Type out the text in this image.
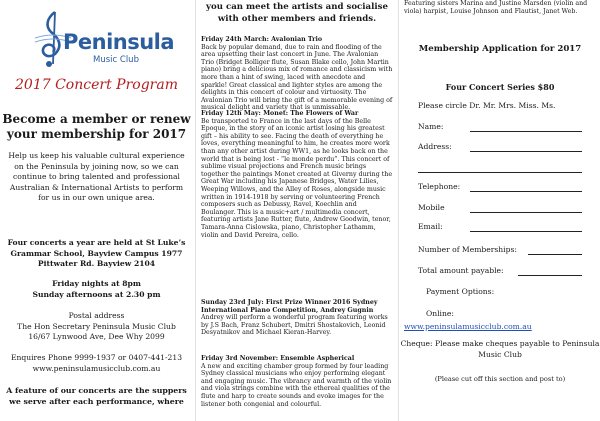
Peninsula
Music Club
2017 Concert Program
Become a member or renew your membership for 2017
Help us keep his valuable cultural experience on the Peninsula by joining now, so we can continue to bring talented and professional Australian & International Artists to perform for us in our own unique area.
Four concerts a year are held at St Luke’s Grammar School, Bayview Campus 1977 Pittwater Rd. Bayview 2104
Friday nights at 8pm
Sunday afternoons at 2.30 pm
Postal address
The Hon Secretary Peninsula Music Club
16/67 Lynwood Ave, Dee Why 2099
Enquires Phone 9999-1937 or 0407-441-213
www.peninsulamusicclub.com.au
A feature of our concerts are the suppers we serve after each performance, where
you can meet the artists and socialise with other members and friends.
Friday 24th March: Avalonian Trio
Back by popular demand, due to rain and flooding of the area upsetting their last concert in June. The Avalonian Trio (Bridget Bolliger flute, Susan Blake cello, John Martin piano) bring a delicious mix of romance and classicism with more than a hint of swing, laced with anecdote and sparkle! Great classical and lighter styles are among the delights in this concert of colour and virtuosity. The Avalonian Trio will bring the gift of a memorable evening of musical delight and variety that is unmissable.
Friday 12th May: Monet: The Flowers of War
Be transported to France in the last days of the Belle Epoque, in the story of an iconic artist losing his greatest gift – his ability to see. Facing the death of everything he loves, everything meaningful to him, he creates more work than any other artist during WW1, as he looks back on the world that is being lost - “le monde perdu”. This concert of sublime visual projections and French music brings together the paintings Monet created at Giverny during the Great War including his Japanese Bridges, Water Lilies, Weeping Willows, and the Alley of Roses, alongside music written in 1914-1918 by serving or volunteering French composers such as Debussy, Ravel, Koechlin and Boulanger. This is a music+art / multimedia concert, featuring artists Jane Rutter, flute, Andrew Goodwin, tenor, Tamara-Anna Cislowska, piano, Christopher Lathamm, violin and David Pereira, cello.
Sunday 23rd July: First Prize Winner 2016 Sydney International Piano Competition, Andrey Gugnin
Andrey will perform a wonderful program featuring works by J.S Bach, Franz Schubert, Dmitri Shostakovich, Leonid Desyatnikov and Michael Kieran-Harvey.
Friday 3rd November: Ensemble Aspherical
A new and exciting chamber group formed by four leading Sydney classical musicians who enjoy performing elegant and engaging music. The vibrancy and warmth of the violin and viola strings combine with the ethereal qualities of the flute and harp to create sounds and evoke images for the listener both congenial and colourful.
Featuring sisters Marina and Justine Marsden (violin and viola) harpist, Louise Johnson and Flautist, Janet Web.
Membership Application for 2017
Four Concert Series $80
Please circle Dr. Mr. Mrs. Miss. Ms.
Name:
Address:
Telephone:
Mobile
Email:
Number of Memberships:
Total amount payable:
Payment Options:
Online:
www.peninsulamusicclub.com.au
Cheque: Please make cheques payable to Peninsula Music Club
(Please cut off this section and post to)
